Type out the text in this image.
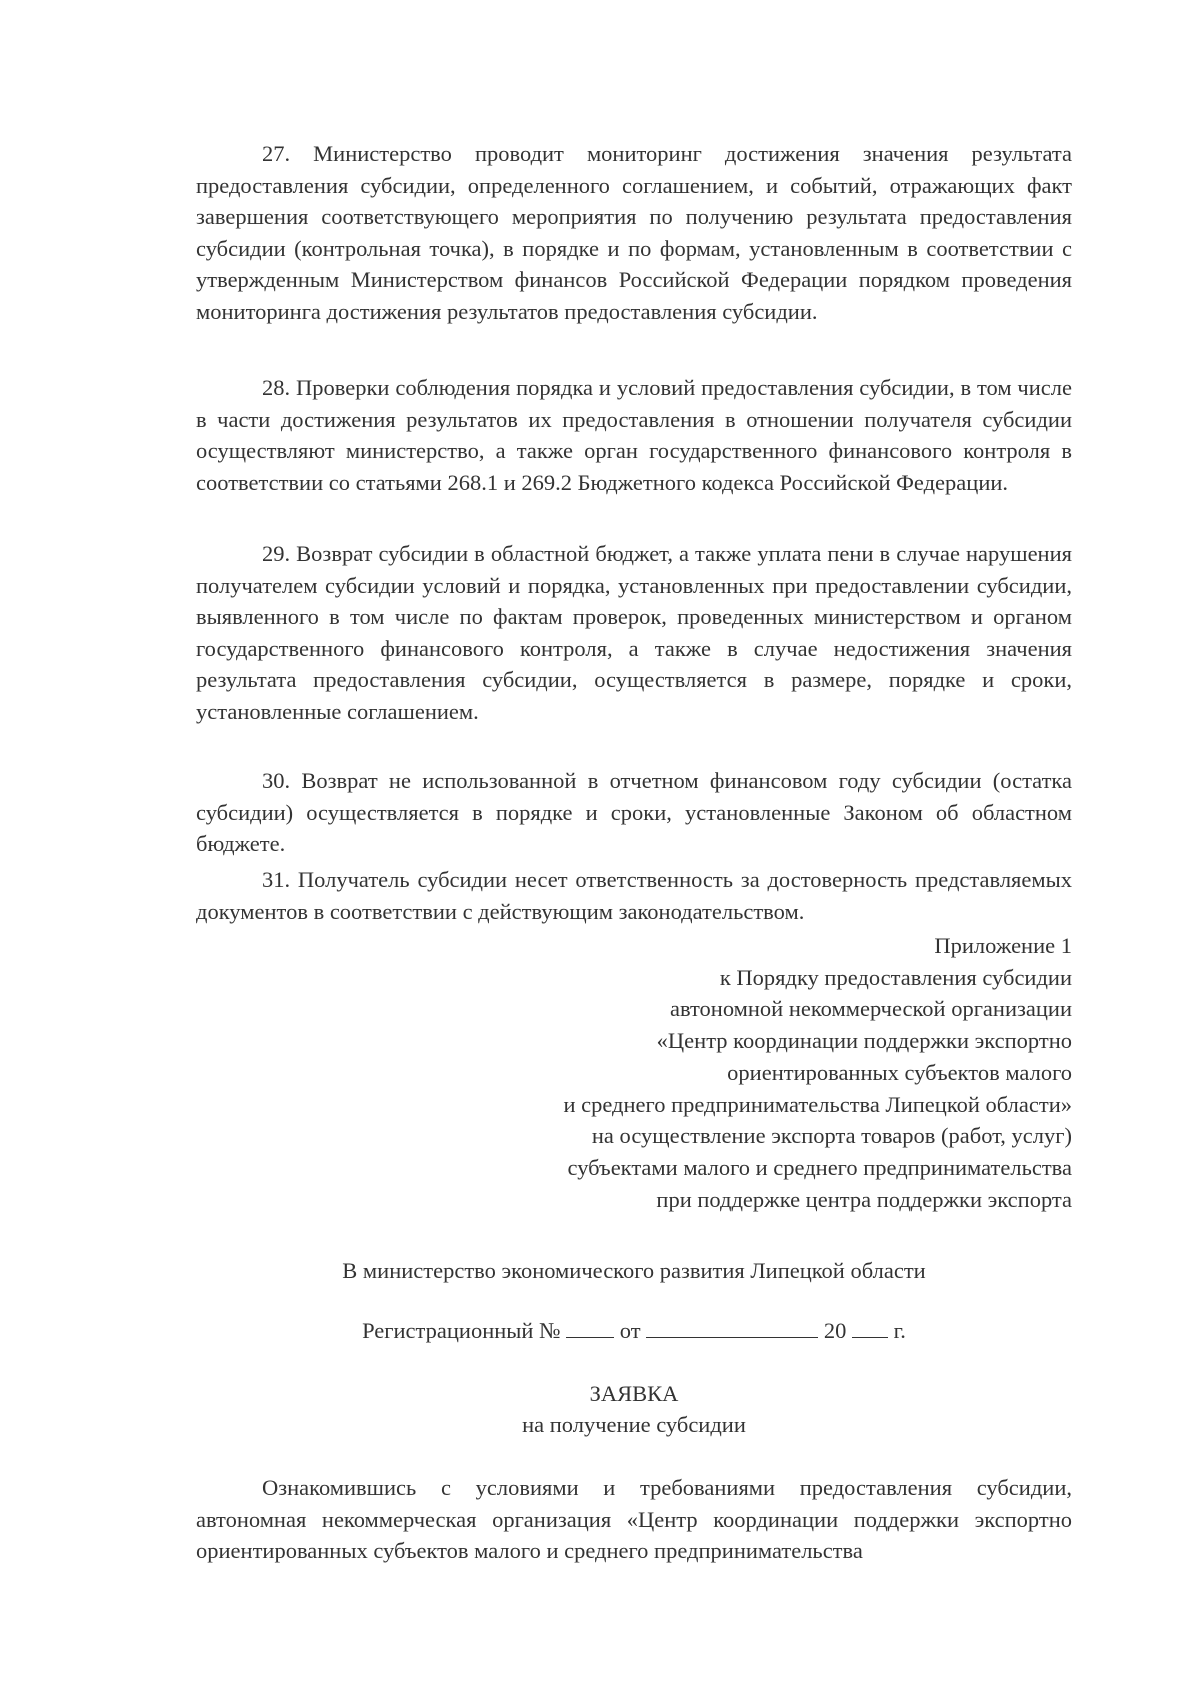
27. Министерство проводит мониторинг достижения значения результата предоставления субсидии, определенного соглашением, и событий, отражающих факт завершения соответствующего мероприятия по получению результата предоставления субсидии (контрольная точка), в порядке и по формам, установленным в соответствии с утвержденным Министерством финансов Российской Федерации порядком проведения мониторинга достижения результатов предоставления субсидии.

28. Проверки соблюдения порядка и условий предоставления субсидии, в том числе в части достижения результатов их предоставления в отношении получателя субсидии осуществляют министерство, а также орган государственного финансового контроля в соответствии со статьями 268.1 и 269.2 Бюджетного кодекса Российской Федерации.

29. Возврат субсидии в областной бюджет, а также уплата пени в случае нарушения получателем субсидии условий и порядка, установленных при предоставлении субсидии, выявленного в том числе по фактам проверок, проведенных министерством и органом государственного финансового контроля, а также в случае недостижения значения результата предоставления субсидии, осуществляется в размере, порядке и сроки, установленные соглашением.

30. Возврат не использованной в отчетном финансовом году субсидии (остатка субсидии) осуществляется в порядке и сроки, установленные Законом об областном бюджете.

31. Получатель субсидии несет ответственность за достоверность представляемых документов в соответствии с действующим законодательством.

Приложение 1
к Порядку предоставления субсидии
автономной некоммерческой организации
«Центр координации поддержки экспортно
ориентированных субъектов малого
и среднего предпринимательства Липецкой области»
на осуществление экспорта товаров (работ, услуг)
субъектами малого и среднего предпринимательства
при поддержке центра поддержки экспорта
В министерство экономического развития Липецкой области
Регистрационный №	от	20 г.
ЗАЯВКА
на получение субсидии

Ознакомившись с условиями и требованиями предоставления субсидии, автономная некоммерческая организация «Центр координации поддержки экспортно ориентированных субъектов малого и среднего предпринимательства
